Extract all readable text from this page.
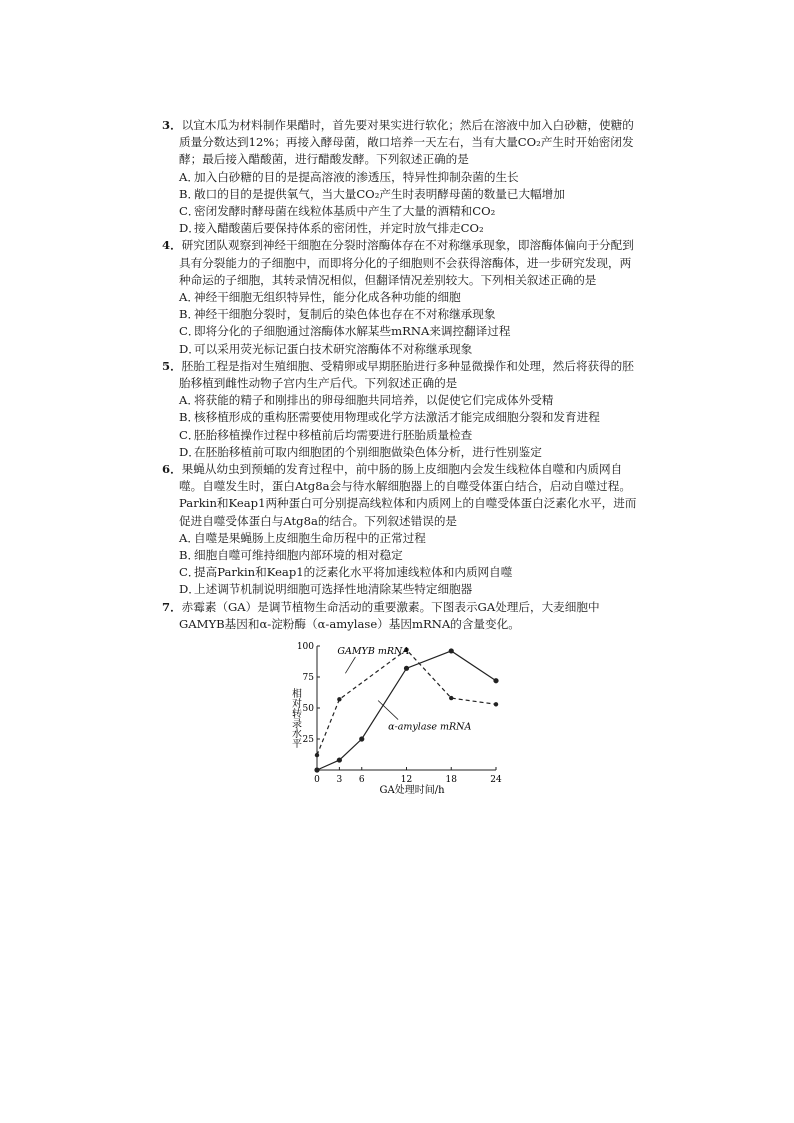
3．以宜木瓜为材料制作果醋时，首先要对果实进行软化；然后在溶液中加入白砂糖，使糖的质量分数达到12%；再接入酵母菌，敞口培养一天左右，当有大量CO₂产生时开始密闭发酵；最后接入醋酸菌，进行醋酸发酵。下列叙述正确的是

A．加入白砂糖的目的是提高溶液的渗透压，特异性抑制杂菌的生长

B．敞口的目的是提供氧气，当大量CO₂产生时表明酵母菌的数量已大幅增加

C．密闭发酵时酵母菌在线粒体基质中产生了大量的酒精和CO₂

D．接入醋酸菌后要保持体系的密闭性，并定时放气排走CO₂

4．研究团队观察到神经干细胞在分裂时溶酶体存在不对称继承现象，即溶酶体偏向于分配到具有分裂能力的子细胞中，而即将分化的子细胞则不会获得溶酶体，进一步研究发现，两种命运的子细胞，其转录情况相似，但翻译情况差别较大。下列相关叙述正确的是

A．神经干细胞无组织特异性，能分化成各种功能的细胞

B．神经干细胞分裂时，复制后的染色体也存在不对称继承现象

C．即将分化的子细胞通过溶酶体水解某些mRNA来调控翻译过程

D．可以采用荧光标记蛋白技术研究溶酶体不对称继承现象

5．胚胎工程是指对生殖细胞、受精卵或早期胚胎进行多种显微操作和处理，然后将获得的胚胎移植到雌性动物子宫内生产后代。下列叙述正确的是

A．将获能的精子和刚排出的卵母细胞共同培养，以促使它们完成体外受精

B．核移植形成的重构胚需要使用物理或化学方法激活才能完成细胞分裂和发育进程

C．胚胎移植操作过程中移植前后均需要进行胚胎质量检查

D．在胚胎移植前可取内细胞团的个别细胞做染色体分析，进行性别鉴定

6．果蝇从幼虫到预蛹的发育过程中，前中肠的肠上皮细胞内会发生线粒体自噬和内质网自噬。自噬发生时，蛋白Atg8a会与待水解细胞器上的自噬受体蛋白结合，启动自噬过程。Parkin和Keap1两种蛋白可分别提高线粒体和内质网上的自噬受体蛋白泛素化水平，进而促进自噬受体蛋白与Atg8a的结合。下列叙述错误的是

A．自噬是果蝇肠上皮细胞生命历程中的正常过程

B．细胞自噬可维持细胞内部环境的相对稳定

C．提高Parkin和Keap1的泛素化水平将加速线粒体和内质网自噬

D．上述调节机制说明细胞可选择性地清除某些特定细胞器

7．赤霉素（GA）是调节植物生命活动的重要激素。下图表示GA处理后，大麦细胞中GAMYB基因和α-淀粉酶（α-amylase）基因mRNA的含量变化。

25
50
75
100
0 3 6	12	18	24
GAMYB mRNA
α-amylase mRNA
相对转录水平
GA处理时间/h
